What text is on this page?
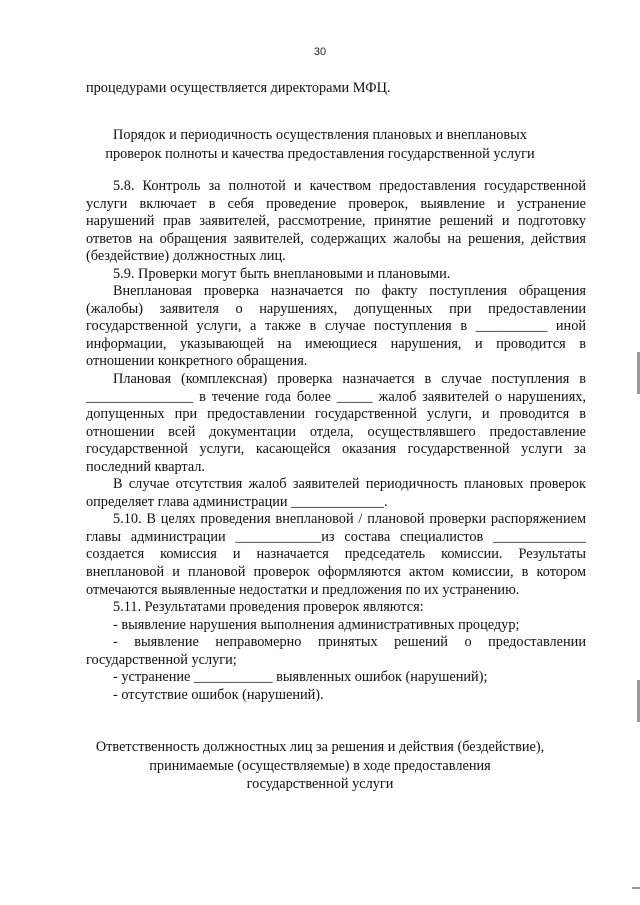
30
процедурами осуществляется директорами МФЦ.
Порядок и периодичность осуществления плановых и внеплановых
проверок полноты и качества предоставления государственной услуги

5.8. Контроль за полнотой и качеством предоставления государственной услуги включает в себя проведение проверок, выявление и устранение нарушений прав заявителей, рассмотрение, принятие решений и подготовку ответов на обращения заявителей, содержащих жалобы на решения, действия (бездействие) должностных лиц.

5.9. Проверки могут быть внеплановыми и плановыми.

Внеплановая проверка назначается по факту поступления обращения (жалобы) заявителя о нарушениях, допущенных при предоставлении государственной услуги, а также в случае поступления в __________ иной информации, указывающей на имеющиеся нарушения, и проводится в отношении конкретного обращения.

Плановая (комплексная) проверка назначается в случае поступления в _______________ в течение года более _____ жалоб заявителей о нарушениях, допущенных при предоставлении государственной услуги, и проводится в отношении всей документации отдела, осуществлявшего предоставление государственной услуги, касающейся оказания государственной услуги за последний квартал.

В случае отсутствия жалоб заявителей периодичность плановых проверок определяет глава администрации _____________.

5.10. В целях проведения внеплановой / плановой проверки распоряжением главы администрации ____________из состава специалистов _____________ создается комиссия и назначается председатель комиссии. Результаты внеплановой и плановой проверок оформляются актом комиссии, в котором отмечаются выявленные недостатки и предложения по их устранению.

5.11. Результатами проведения проверок являются:

- выявление нарушения выполнения административных процедур;

- выявление неправомерно принятых решений о предоставлении государственной услуги;

- устранение ___________ выявленных ошибок (нарушений);

- отсутствие ошибок (нарушений).

Ответственность должностных лиц за решения и действия (бездействие),
принимаемые (осуществляемые) в ходе предоставления
государственной услуги
